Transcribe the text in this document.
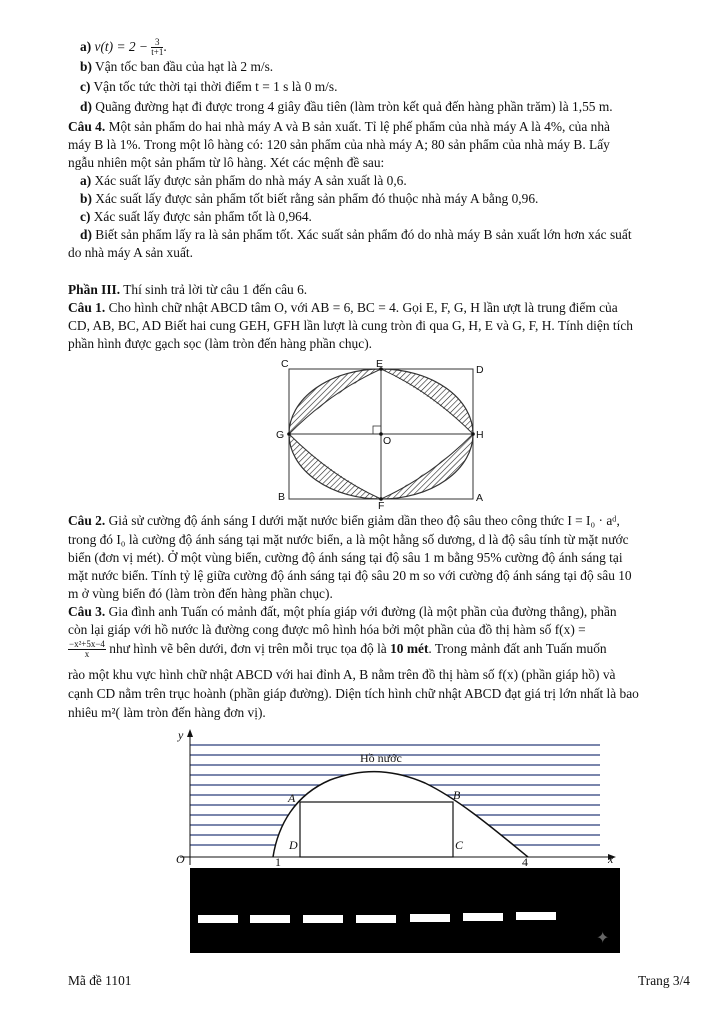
a) $v(t) = 2 - \frac{3}{t+1}$ .
b) Vận tốc ban đầu của hạt là 2 m/s.
c) Vận tốc tức thời tại thời điểm t = 1 s là 0 m/s.
d) Quãng đường hạt đi được trong 4 giây đầu tiên (làm tròn kết quả đến hàng phần trăm) là 1,55 m.
Câu 4. Một sản phẩm do hai nhà máy A và B sản xuất. Tỉ lệ phế phẩm của nhà máy A là 4%, của nhà
máy B là 1%. Trong một lô hàng có: 120 sản phẩm của nhà máy A; 80 sản phẩm của nhà máy B. Lấy
ngẫu nhiên một sản phẩm từ lô hàng. Xét các mệnh đề sau:
a) Xác suất lấy được sản phẩm do nhà máy A sản xuất là 0,6.
b) Xác suất lấy được sản phẩm tốt biết rằng sản phẩm đó thuộc nhà máy A bằng 0,96.
c) Xác suất lấy được sản phẩm tốt là 0,964.
d) Biết sản phẩm lấy ra là sản phẩm tốt. Xác suất sản phẩm đó do nhà máy B sản xuất lớn hơn xác suất
do nhà máy A sản xuất.
Phần III. Thí sinh trả lời từ câu 1 đến câu 6.
Câu 1. Cho hình chữ nhật ABCD tâm O, với AB = 6, BC = 4. Gọi E, F, G, H lần ượt là trung điểm của
CD, AB, BC, AD Biết hai cung GEH, GFH lần lượt là cung tròn đi qua G, H, E và G, F, H. Tính diện tích
phần hình được gạch sọc (làm tròn đến hàng phần chục).
C	E	D
G	O	H
B
F
A
Câu 2. Giả sử cường độ ánh sáng I dưới mặt nước biển giảm dần theo độ sâu theo công thức I = I₀ · aᵈ,
trong đó I₀ là cường độ ánh sáng tại mặt nước biển, a là một hằng số dương, d là độ sâu tính từ mặt nước
biển (đơn vị mét). Ở một vùng biển, cường độ ánh sáng tại độ sâu 1 m bằng 95% cường độ ánh sáng tại
mặt nước biển. Tính tỷ lệ giữa cường độ ánh sáng tại độ sâu 20 m so với cường độ ánh sáng tại độ sâu 10
m ở vùng biển đó (làm tròn đến hàng phần chục).
Câu 3. Gia đình anh Tuấn có mảnh đất, một phía giáp với đường (là một phần của đường thẳng), phần
còn lại giáp với hồ nước là đường cong được mô hình hóa bởi một phần của đồ thị hàm số f(x) =
$\frac{\text{−x²+5x−4}}{x}$ như hình vẽ bên dưới, đơn vị trên mỗi trục tọa độ là 10 mét. Trong mảnh đất anh Tuấn muốn
rào một khu vực hình chữ nhật ABCD với hai đỉnh A, B nằm trên đồ thị hàm số f(x) (phần giáp hồ) và
cạnh CD nằm trên trục hoành (phần giáp đường). Diện tích hình chữ nhật ABCD đạt giá trị lớn nhất là bao
nhiêu m²( làm tròn đến hàng đơn vị).
✦
y
x
O
A	B
C
D
1	4
Hồ nước
Mã đề 1101	Trang 3/4
